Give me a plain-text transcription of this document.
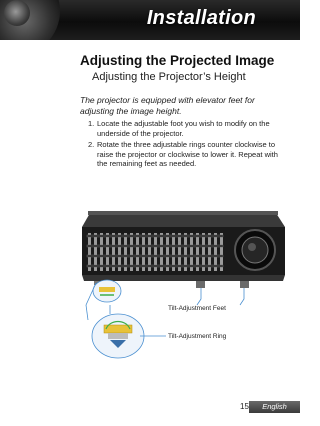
Installation
Adjusting the Projected Image
Adjusting the Projector’s Height
The projector is equipped with elevator feet for adjusting the image height.
1. Locate the adjustable foot you wish to modify on the underside of the projector.
2. Rotate the three adjustable rings counter clockwise to raise the projector or clockwise to lower it. Repeat with the remaining feet as needed.
Tilt-Adjustment Feet
Tilt-Adjustment Ring
15	English
